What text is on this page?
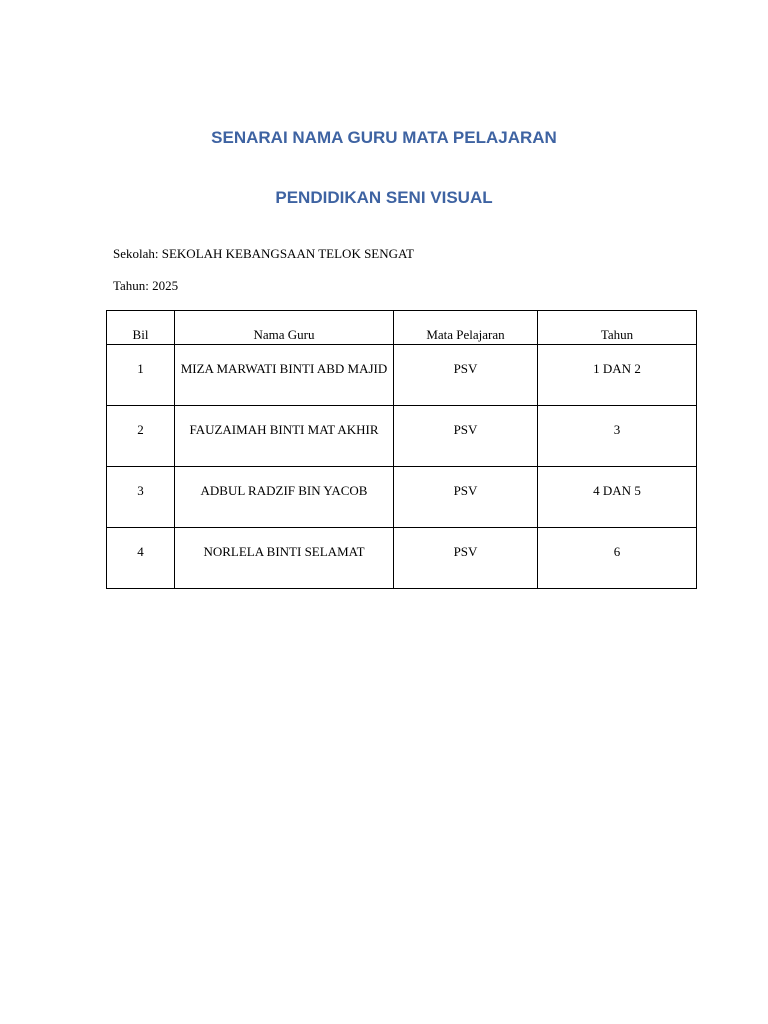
SENARAI NAMA GURU MATA PELAJARAN
PENDIDIKAN SENI VISUAL

Sekolah: SEKOLAH KEBANGSAAN TELOK SENGAT

Tahun: 2025

Bil	Nama Guru	Mata Pelajaran	Tahun
1	MIZA MARWATI BINTI ABD MAJID	PSV	1 DAN 2
2	FAUZAIMAH BINTI MAT AKHIR	PSV	3
3	ADBUL RADZIF BIN YACOB	PSV	4 DAN 5
4	NORLELA BINTI SELAMAT	PSV	6
